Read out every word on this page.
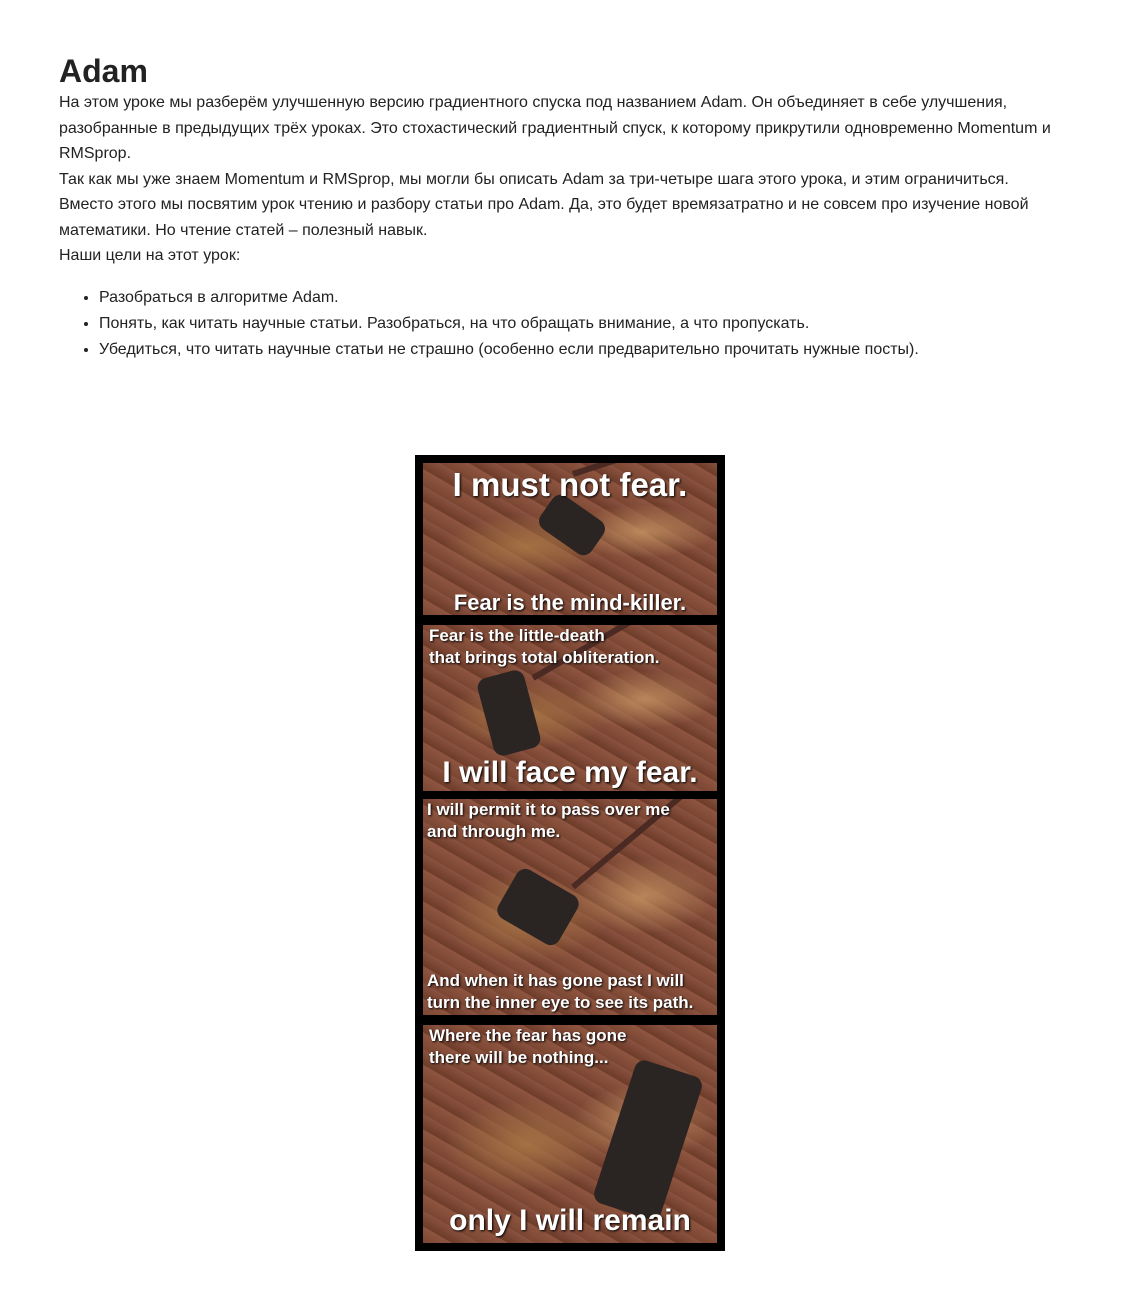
Adam

На этом уроке мы разберём улучшенную версию градиентного спуска под названием Adam. Он объединяет в себе улучшения, разобранные в предыдущих трёх уроках. Это стохастический градиентный спуск, к которому прикрутили одновременно Momentum и RMSprop.

Так как мы уже знаем Momentum и RMSprop, мы могли бы описать Adam за три-четыре шага этого урока, и этим ограничиться.

Вместо этого мы посвятим урок чтению и разбору статьи про Adam. Да, это будет времязатратно и не совсем про изучение новой математики. Но чтение статей – полезный навык.

Наши цели на этот урок:

• Разобраться в алгоритме Adam.
• Понять, как читать научные статьи. Разобраться, на что обращать внимание, а что пропускать.
• Убедиться, что читать научные статьи не страшно (особенно если предварительно прочитать нужные посты).
I must not fear.
Fear is the mind-killer.
Fear is the little-death
that brings total obliteration.
I will face my fear.
I will permit it to pass over me
and through me.
And when it has gone past I will
turn the inner eye to see its path.
Where the fear has gone
there will be nothing...
only I will remain
